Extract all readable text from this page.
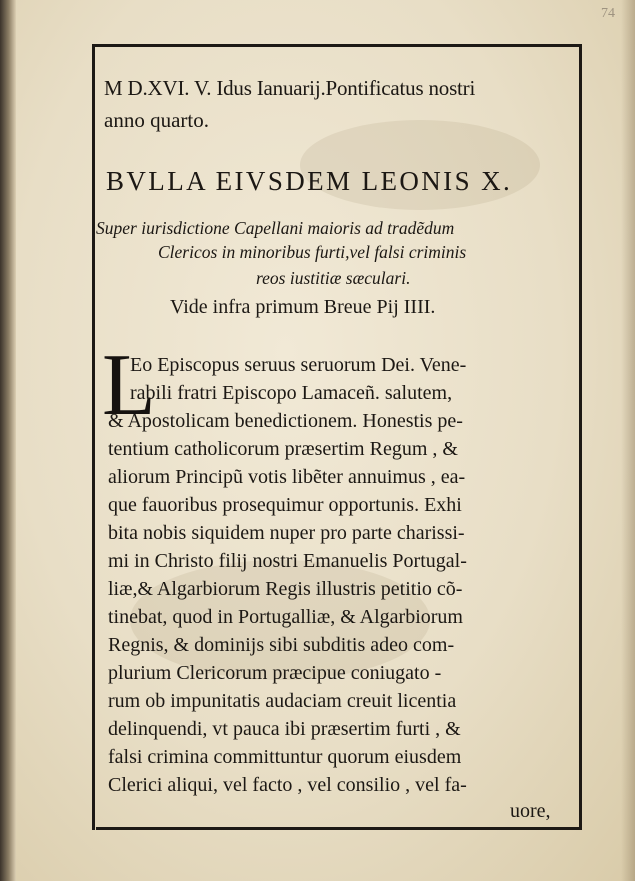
74
M D.XVI. V. Idus Ianuarij.Pontificatus nostri
anno quarto.
BVLLA EIVSDEM LEONIS X.
Super iurisdictione Capellani maioris ad tradẽdum
Clericos in minoribus furti,vel falsi criminis
reos iustitiæ sæculari.
Vide infra primum Breue Pij IIII.
L
Eo Episcopus seruus seruorum Dei. Vene-
rabili fratri Episcopo Lamaceñ. salutem,
& Apostolicam benedictionem. Honestis pe-
tentium catholicorum præsertim Regum , &
aliorum Principũ votis libẽter annuimus , ea-
que fauoribus prosequimur opportunis. Exhi
bita nobis siquidem nuper pro parte charissi-
mi in Christo filij nostri Emanuelis Portugal-
liæ,& Algarbiorum Regis illustris petitio cõ-
tinebat, quod in Portugalliæ, & Algarbiorum
Regnis, & dominijs sibi subditis adeo com-
plurium Clericorum præcipue coniugato -
rum ob impunitatis audaciam creuit licentia
delinquendi, vt pauca ibi præsertim furti , &
falsi crimina committuntur quorum eiusdem
Clerici aliqui, vel facto , vel consilio , vel fa-
uore,
